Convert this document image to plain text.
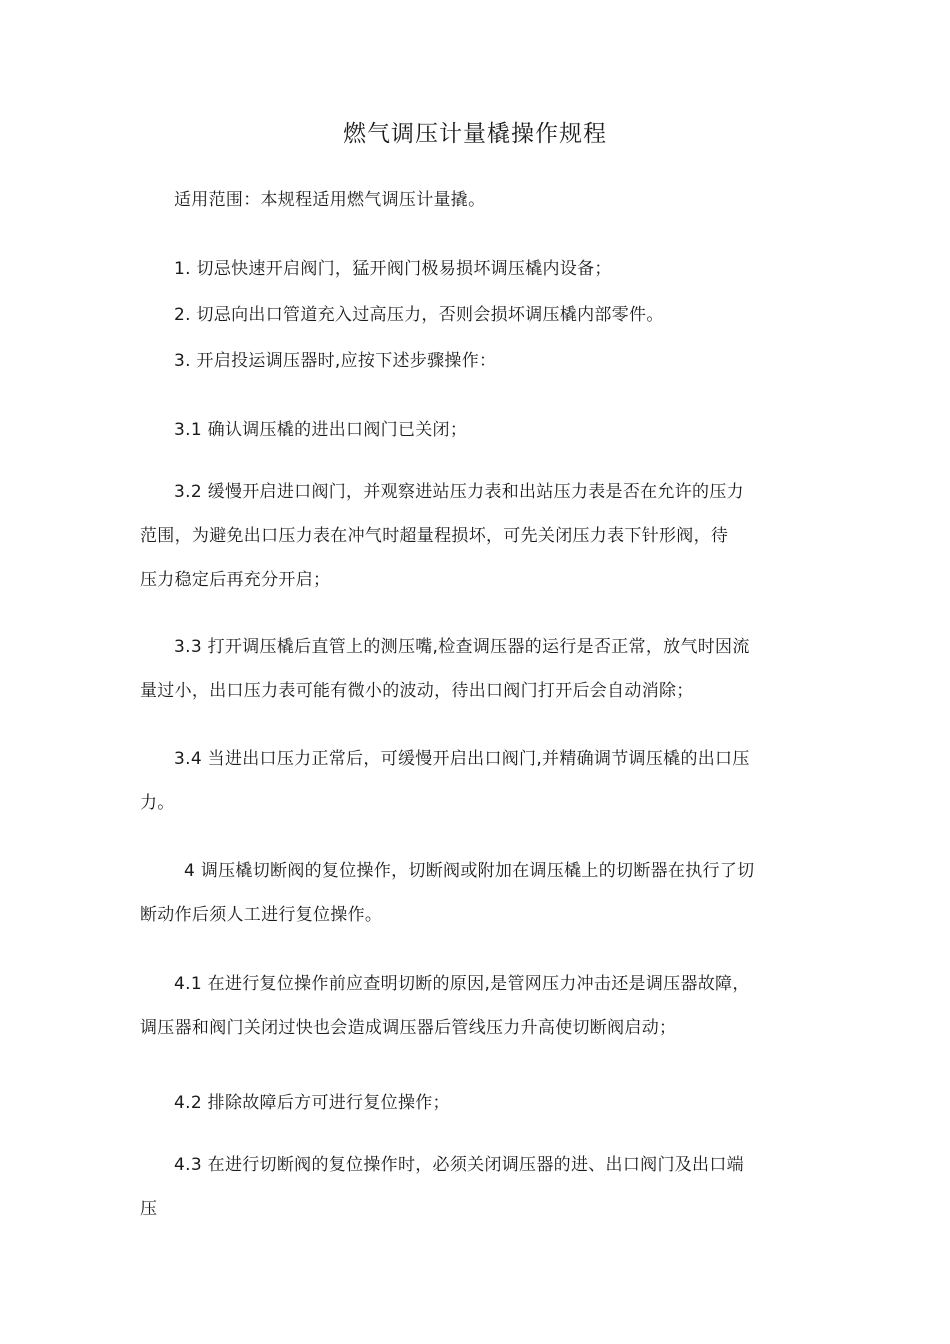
燃气调压计量橇操作规程
适用范围：本规程适用燃气调压计量撬。
1. 切忌快速开启阀门，猛开阀门极易损坏调压橇内设备；
2. 切忌向出口管道充入过高压力，否则会损坏调压橇内部零件。
3. 开启投运调压器时,应按下述步骤操作：
3.1 确认调压橇的进出口阀门已关闭；
3.2 缓慢开启进口阀门，并观察进站压力表和出站压力表是否在允许的压力
范围，为避免出口压力表在冲气时超量程损坏，可先关闭压力表下针形阀，待
压力稳定后再充分开启；
3.3 打开调压橇后直管上的测压嘴,检查调压器的运行是否正常，放气时因流
量过小，出口压力表可能有微小的波动，待出口阀门打开后会自动消除；
3.4 当进出口压力正常后，可缓慢开启出口阀门,并精确调节调压橇的出口压
力。
4 调压橇切断阀的复位操作，切断阀或附加在调压橇上的切断器在执行了切
断动作后须人工进行复位操作。
4.1 在进行复位操作前应查明切断的原因,是管网压力冲击还是调压器故障，
调压器和阀门关闭过快也会造成调压器后管线压力升高使切断阀启动；
4.2 排除故障后方可进行复位操作；
4.3 在进行切断阀的复位操作时，必须关闭调压器的进、出口阀门及出口端
压
